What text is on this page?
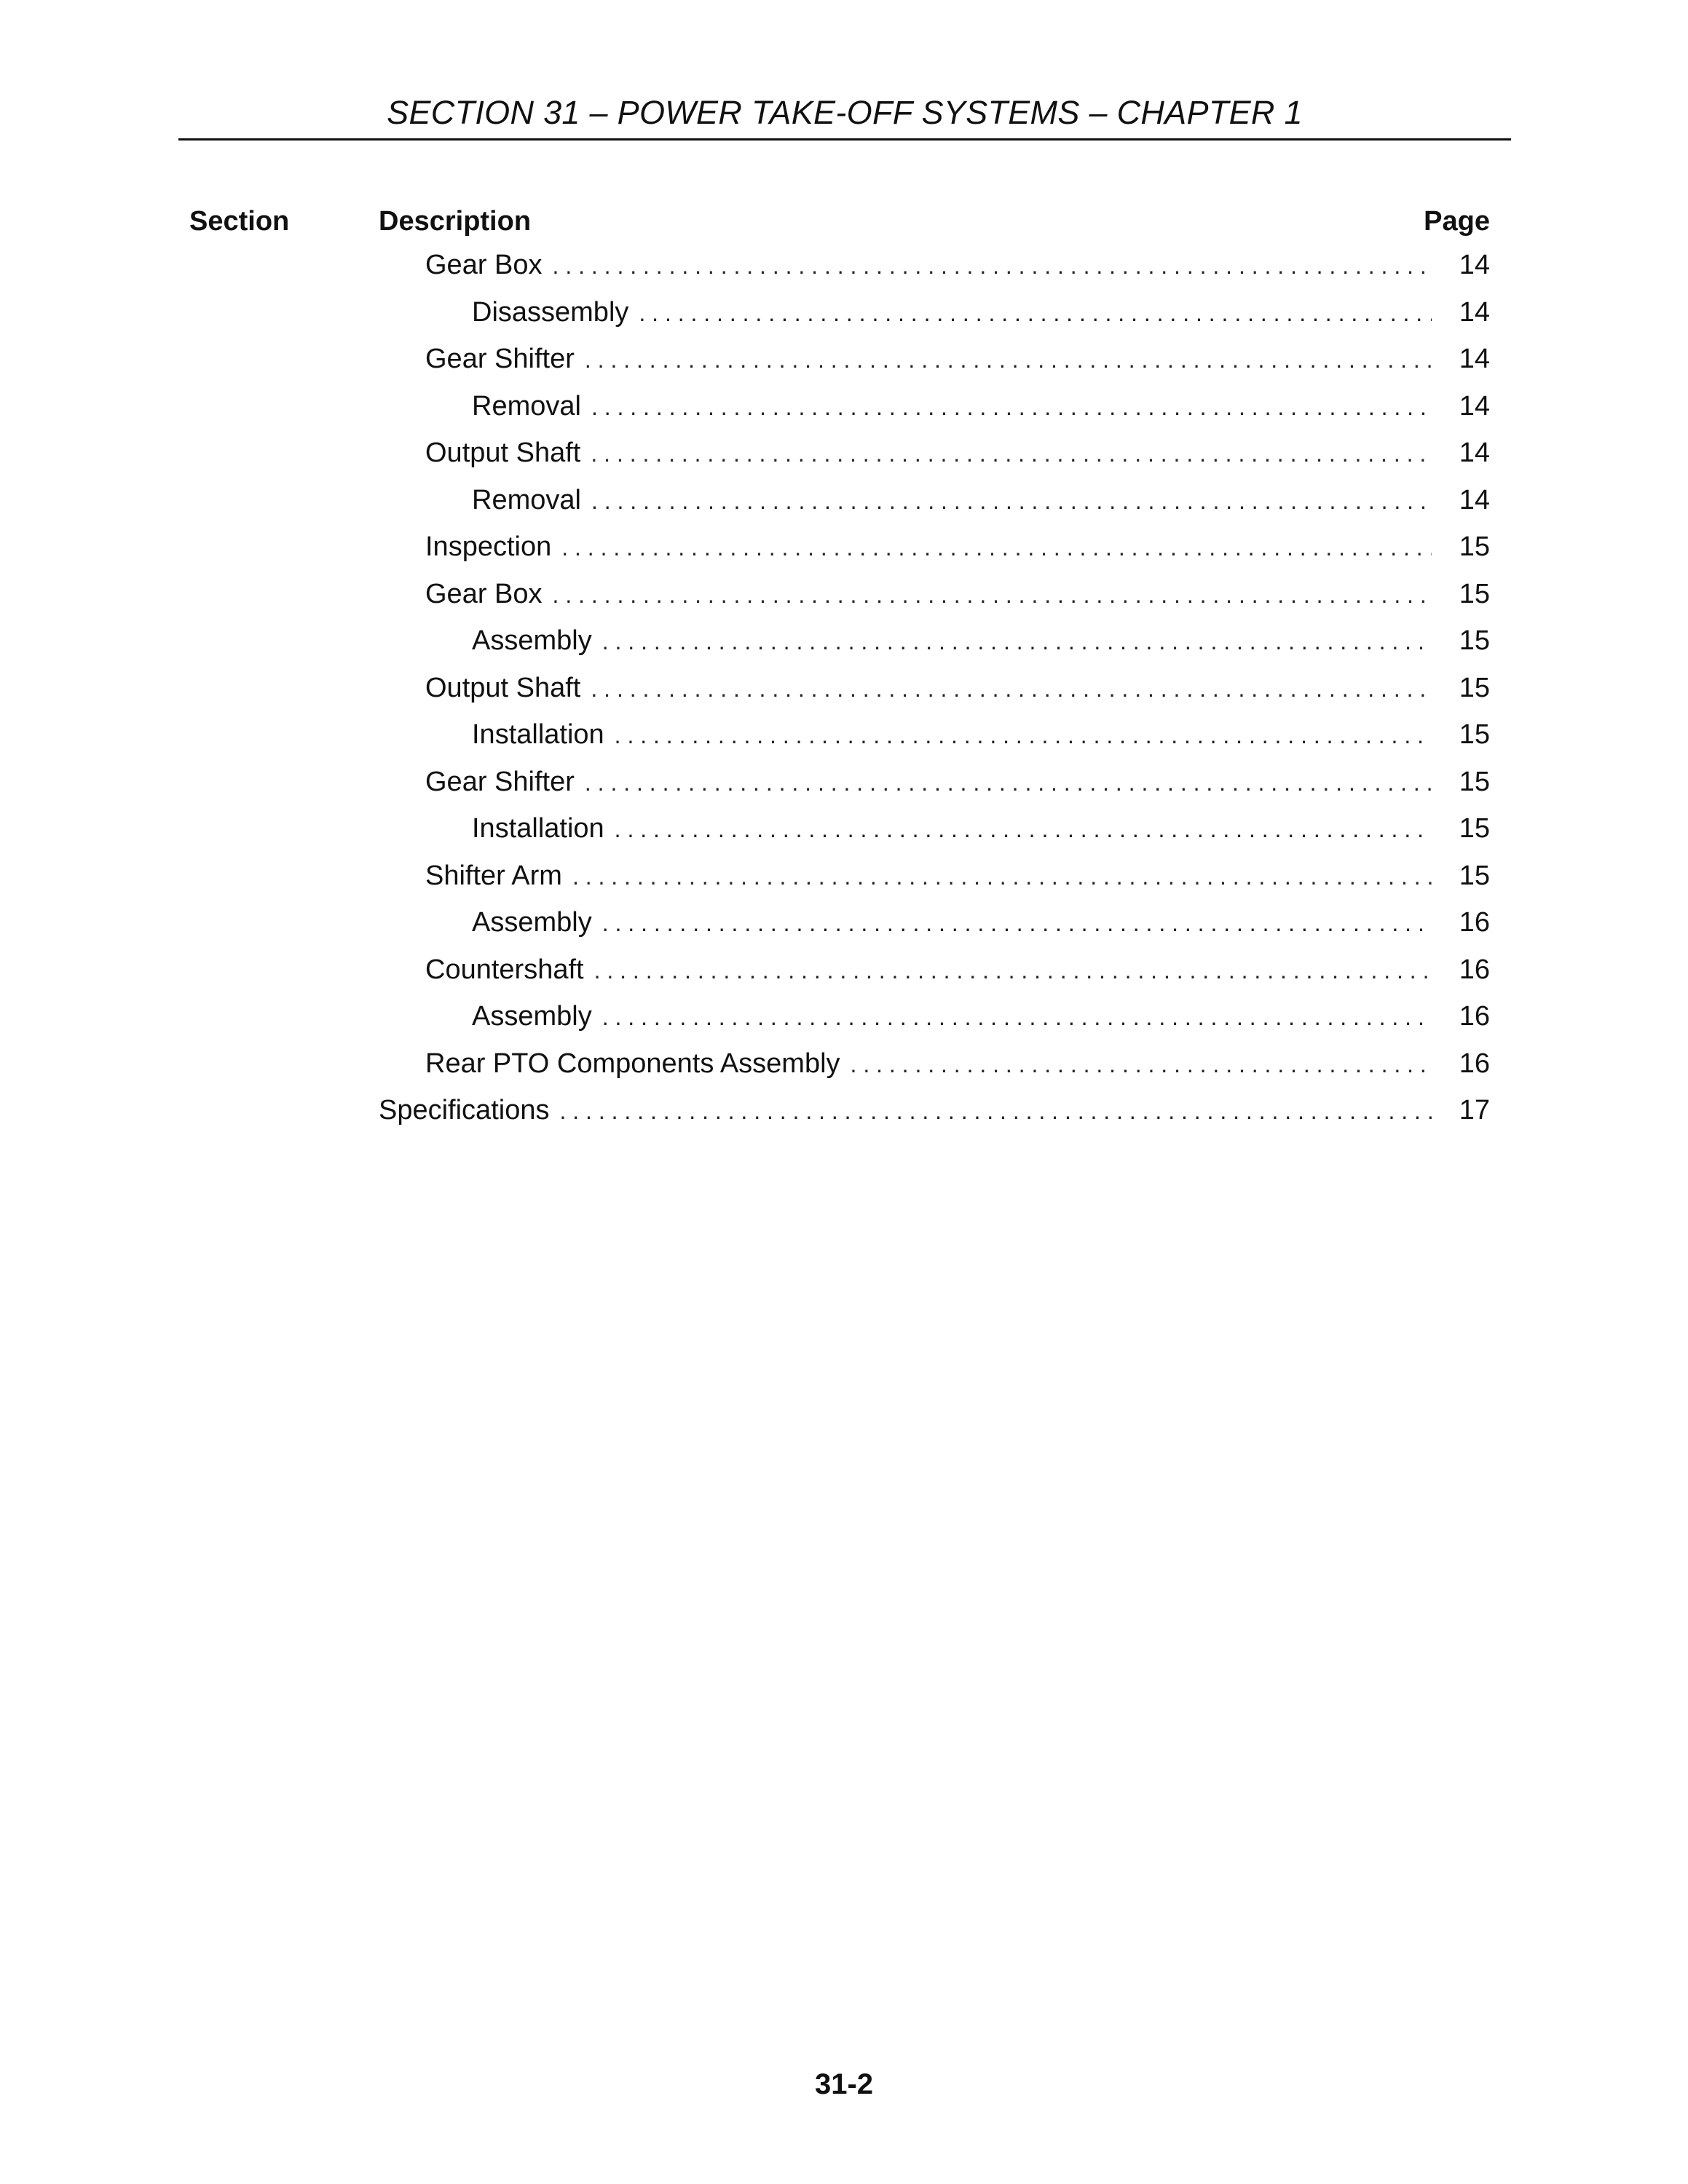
SECTION 31 – POWER TAKE-OFF SYSTEMS – CHAPTER 1
Section	Description	Page
Gear Box . . .	14
Disassembly . . .	14
Gear Shifter . . .	14
Removal . . .	14
Output Shaft . . .	14
Removal . . .	14
Inspection . . .	15
Gear Box . . .	15
Assembly . . .	15
Output Shaft . . .	15
Installation . . .	15
Gear Shifter . . .	15
Installation . . .	15
Shifter Arm . . .	15
Assembly . . .	16
Countershaft . . .	16
Assembly . . .	16
Rear PTO Components Assembly . . .	16
Specifications . . .	17
31-2
